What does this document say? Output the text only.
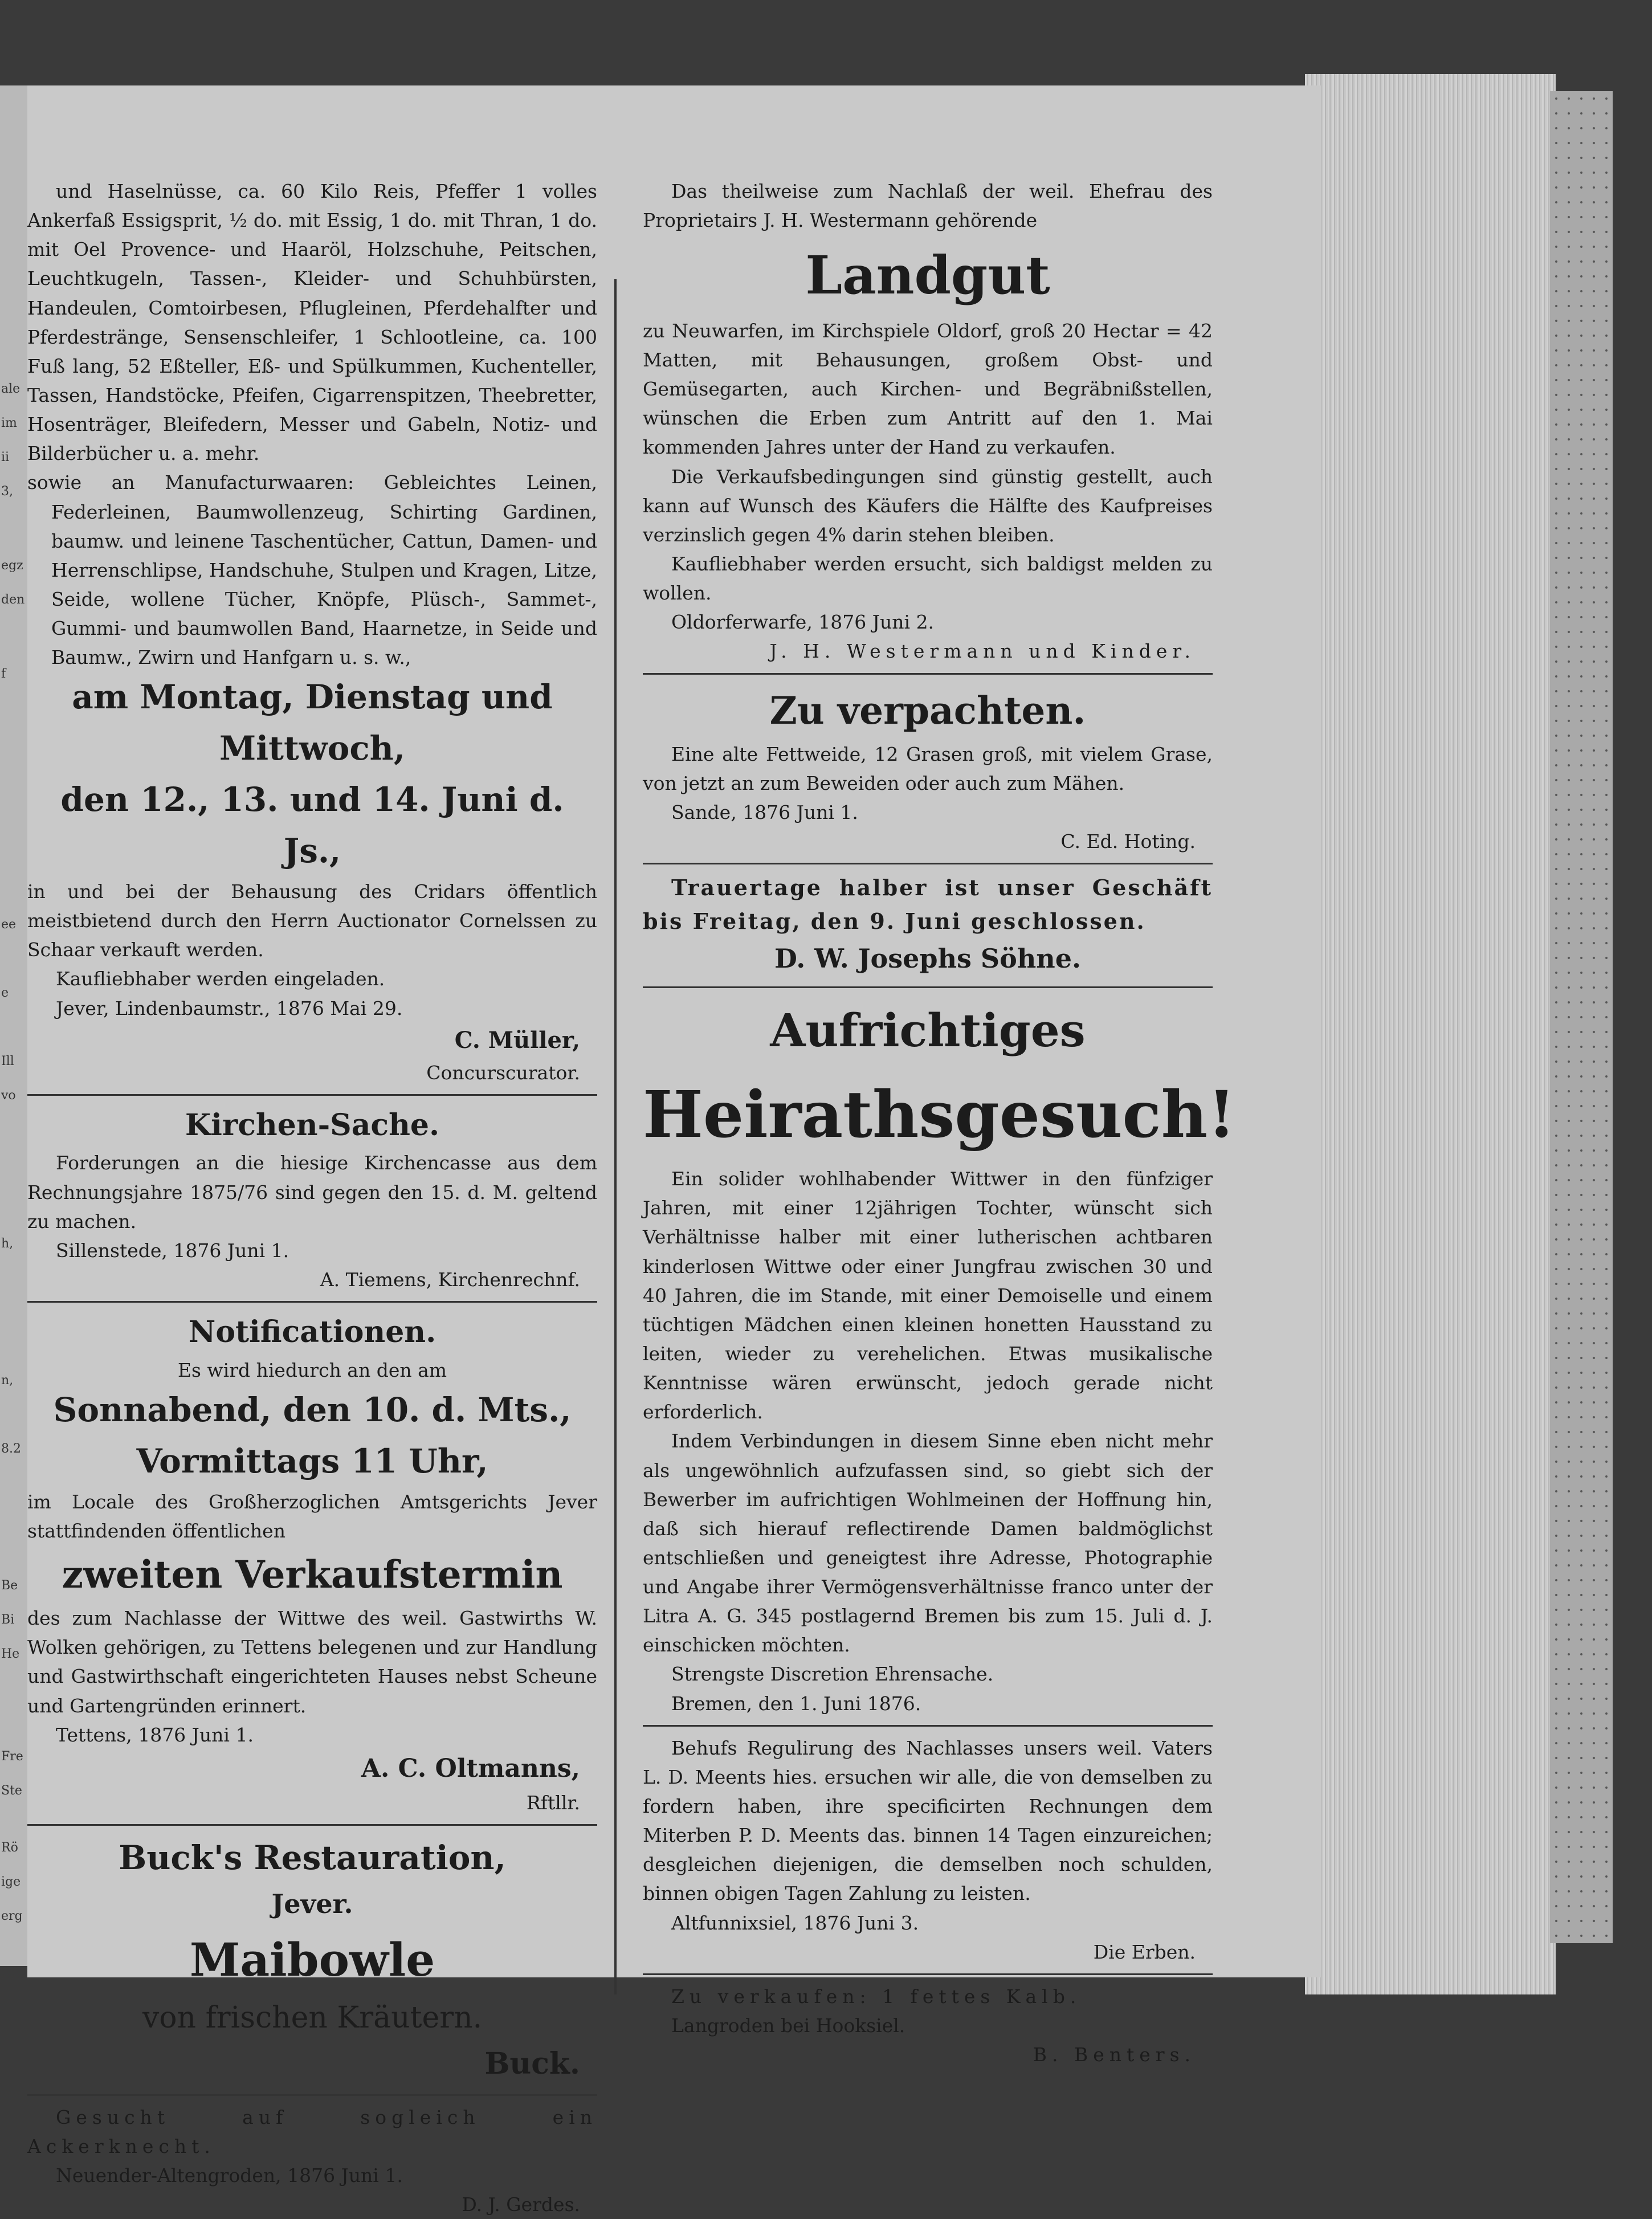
ale
im
ii
3,
egz
den
f
ee
e
Ill
vo
h,
n,
8.2
Be
Bi
He
Fre
Ste
Rö
ige
erg

und Haselnüsse, ca. 60 Kilo Reis, Pfeffer 1 volles Ankerfaß Essigsprit, ½ do. mit Essig, 1 do. mit Thran, 1 do. mit Oel Provence- und Haaröl, Holzschuhe, Peitschen, Leuchtkugeln, Tassen-, Kleider- und Schuhbürsten, Handeulen, Comtoirbesen, Pflugleinen, Pferdehalfter und Pferdestränge, Sensenschleifer, 1 Schlootleine, ca. 100 Fuß lang, 52 Eßteller, Eß- und Spülkummen, Kuchenteller, Tassen, Handstöcke, Pfeifen, Cigarrenspitzen, Theebretter, Hosenträger, Bleifedern, Messer und Gabeln, Notiz- und Bilderbücher u. a. mehr.

sowie an Manufacturwaaren: Gebleichtes Leinen, Federleinen, Baumwollenzeug, Schirting Gardinen, baumw. und leinene Taschentücher, Cattun, Damen- und Herrenschlipse, Handschuhe, Stulpen und Kragen, Litze, Seide, wollene Tücher, Knöpfe, Plüsch-, Sammet-, Gummi- und baumwollen Band, Haarnetze, in Seide und Baumw., Zwirn und Hanfgarn u. s. w.,

am Montag, Dienstag und Mittwoch,

den 12., 13. und 14. Juni d. Js.,

in und bei der Behausung des Cridars öffentlich meistbietend durch den Herrn Auctionator Cornelssen zu Schaar verkauft werden.

Kaufliebhaber werden eingeladen.

Jever, Lindenbaumstr., 1876 Mai 29.

C. Müller,

Concurscurator.

Kirchen-Sache.

Forderungen an die hiesige Kirchencasse aus dem Rechnungsjahre 1875/76 sind gegen den 15. d. M. geltend zu machen.

Sillenstede, 1876 Juni 1.

A. Tiemens, Kirchenrechnf.

Notificationen.

Es wird hiedurch an den am

Sonnabend, den 10. d. Mts.,

Vormittags 11 Uhr,

im Locale des Großherzoglichen Amtsgerichts Jever stattfindenden öffentlichen

zweiten Verkaufstermin

des zum Nachlasse der Wittwe des weil. Gastwirths W. Wolken gehörigen, zu Tettens belegenen und zur Handlung und Gastwirthschaft eingerichteten Hauses nebst Scheune und Gartengründen erinnert.

Tettens, 1876 Juni 1.

A. C. Oltmanns,

Rftllr.

Buck's Restauration,

Jever.

Maibowle

von frischen Kräutern.

Buck.

Gesucht auf sogleich ein Ackerknecht.

Neuender-Altengroden, 1876 Juni 1.

D. J. Gerdes.

Das theilweise zum Nachlaß der weil. Ehefrau des Proprietairs J. H. Westermann gehörende

Landgut

zu Neuwarfen, im Kirchspiele Oldorf, groß 20 Hectar = 42 Matten, mit Behausungen, großem Obst- und Gemüsegarten, auch Kirchen- und Begräbnißstellen, wünschen die Erben zum Antritt auf den 1. Mai kommenden Jahres unter der Hand zu verkaufen.

Die Verkaufsbedingungen sind günstig gestellt, auch kann auf Wunsch des Käufers die Hälfte des Kaufpreises verzinslich gegen 4% darin stehen bleiben.

Kaufliebhaber werden ersucht, sich baldigst melden zu wollen.

Oldorferwarfe, 1876 Juni 2.

J. H. Westermann und Kinder.

Zu verpachten.

Eine alte Fettweide, 12 Grasen groß, mit vielem Grase, von jetzt an zum Beweiden oder auch zum Mähen.

Sande, 1876 Juni 1.

C. Ed. Hoting.

Trauertage halber ist unser Geschäft bis Freitag, den 9. Juni geschlossen.

D. W. Josephs Söhne.

Aufrichtiges

Heirathsgesuch!

Ein solider wohlhabender Wittwer in den fünfziger Jahren, mit einer 12jährigen Tochter, wünscht sich Verhältnisse halber mit einer lutherischen achtbaren kinderlosen Wittwe oder einer Jungfrau zwischen 30 und 40 Jahren, die im Stande, mit einer Demoiselle und einem tüchtigen Mädchen einen kleinen honetten Hausstand zu leiten, wieder zu verehelichen. Etwas musikalische Kenntnisse wären erwünscht, jedoch gerade nicht erforderlich.

Indem Verbindungen in diesem Sinne eben nicht mehr als ungewöhnlich aufzufassen sind, so giebt sich der Bewerber im aufrichtigen Wohlmeinen der Hoffnung hin, daß sich hierauf reflectirende Damen baldmöglichst entschließen und geneigtest ihre Adresse, Photographie und Angabe ihrer Vermögensverhältnisse franco unter der Litra A. G. 345 postlagernd Bremen bis zum 15. Juli d. J. einschicken möchten.

Strengste Discretion Ehrensache.

Bremen, den 1. Juni 1876.

Behufs Regulirung des Nachlasses unsers weil. Vaters L. D. Meents hies. ersuchen wir alle, die von demselben zu fordern haben, ihre specificirten Rechnungen dem Miterben P. D. Meents das. binnen 14 Tagen einzureichen; desgleichen diejenigen, die demselben noch schulden, binnen obigen Tagen Zahlung zu leisten.

Altfunnixsiel, 1876 Juni 3.

Die Erben.

Zu verkaufen: 1 fettes Kalb.

Langroden bei Hooksiel.

B. Benters.
